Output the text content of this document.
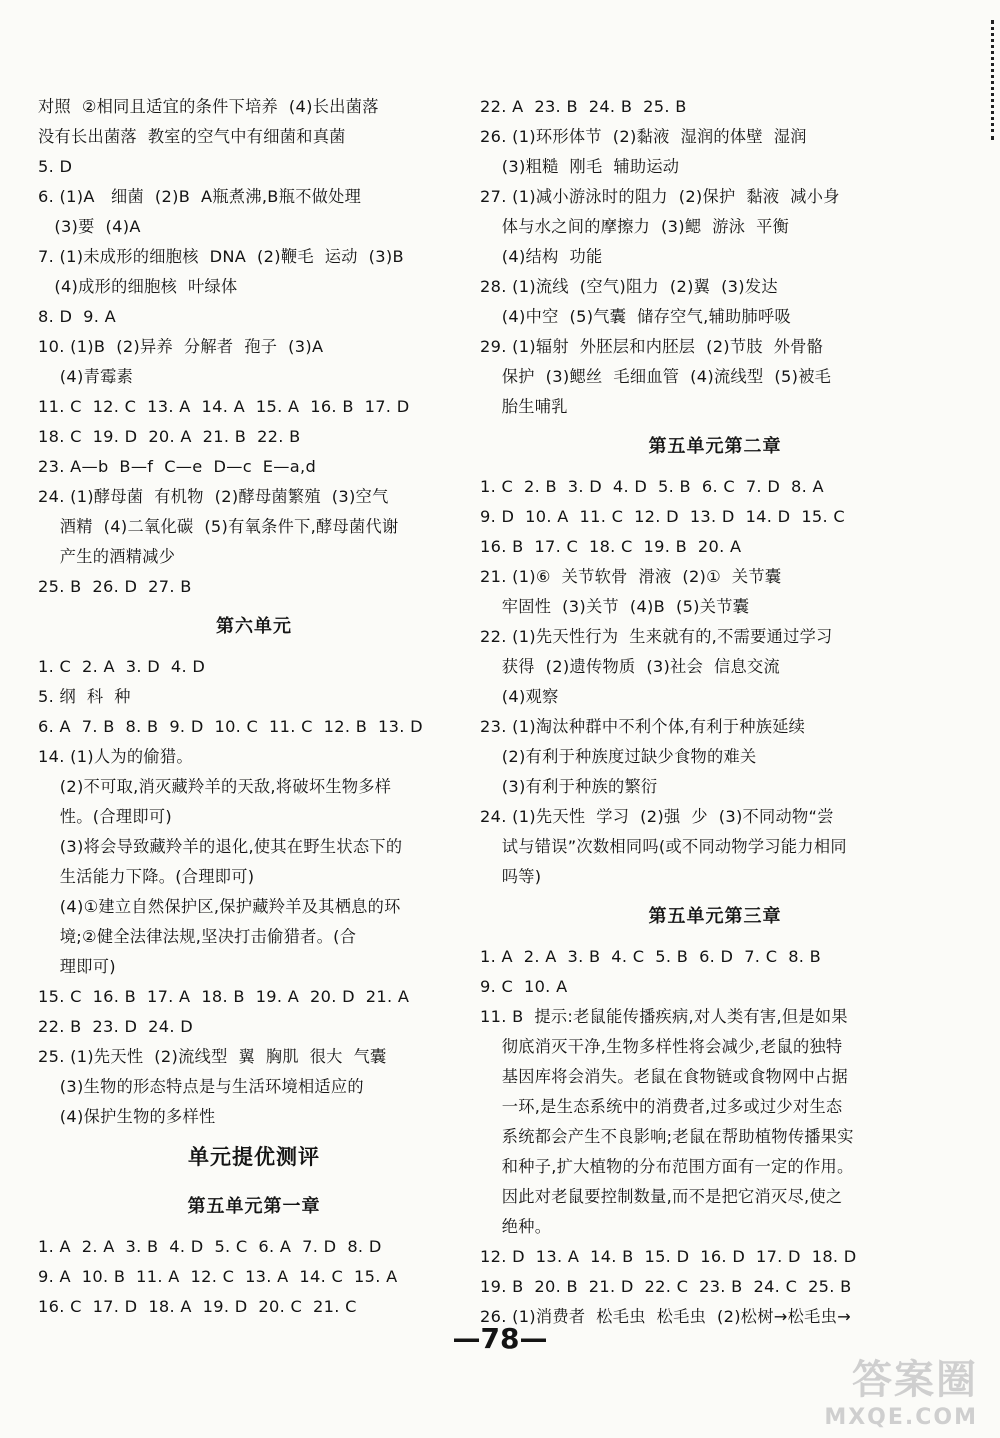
对照  ②相同且适宜的条件下培养  (4)长出菌落
没有长出菌落  教室的空气中有细菌和真菌
5. D
6. (1)A   细菌  (2)B  A瓶煮沸,B瓶不做处理
(3)要  (4)A
7. (1)未成形的细胞核  DNA  (2)鞭毛  运动  (3)B
(4)成形的细胞核  叶绿体
8. D  9. A
10. (1)B  (2)异养  分解者  孢子  (3)A
(4)青霉素
11. C  12. C  13. A  14. A  15. A  16. B  17. D
18. C  19. D  20. A  21. B  22. B
23. A—b  B—f  C—e  D—c  E—a,d
24. (1)酵母菌  有机物  (2)酵母菌繁殖  (3)空气
酒精  (4)二氧化碳  (5)有氧条件下,酵母菌代谢
产生的酒精减少
25. B  26. D  27. B
第六单元
1. C  2. A  3. D  4. D
5. 纲  科  种
6. A  7. B  8. B  9. D  10. C  11. C  12. B  13. D
14. (1)人为的偷猎。
(2)不可取,消灭藏羚羊的天敌,将破坏生物多样
性。(合理即可)
(3)将会导致藏羚羊的退化,使其在野生状态下的
生活能力下降。(合理即可)
(4)①建立自然保护区,保护藏羚羊及其栖息的环
境;②健全法律法规,坚决打击偷猎者。(合
理即可)
15. C  16. B  17. A  18. B  19. A  20. D  21. A
22. B  23. D  24. D
25. (1)先天性  (2)流线型  翼  胸肌  很大  气囊
(3)生物的形态特点是与生活环境相适应的
(4)保护生物的多样性
单元提优测评
第五单元第一章
1. A  2. A  3. B  4. D  5. C  6. A  7. D  8. D
9. A  10. B  11. A  12. C  13. A  14. C  15. A
16. C  17. D  18. A  19. D  20. C  21. C
22. A  23. B  24. B  25. B
26. (1)环形体节  (2)黏液  湿润的体壁  湿润
(3)粗糙  刚毛  辅助运动
27. (1)减小游泳时的阻力  (2)保护  黏液  减小身
体与水之间的摩擦力  (3)鳃  游泳  平衡
(4)结构  功能
28. (1)流线  (空气)阻力  (2)翼  (3)发达
(4)中空  (5)气囊  储存空气,辅助肺呼吸
29. (1)辐射  外胚层和内胚层  (2)节肢  外骨骼
保护  (3)鳃丝  毛细血管  (4)流线型  (5)被毛
胎生哺乳
第五单元第二章
1. C  2. B  3. D  4. D  5. B  6. C  7. D  8. A
9. D  10. A  11. C  12. D  13. D  14. D  15. C
16. B  17. C  18. C  19. B  20. A
21. (1)⑥  关节软骨  滑液  (2)①  关节囊
牢固性  (3)关节  (4)B  (5)关节囊
22. (1)先天性行为  生来就有的,不需要通过学习
获得  (2)遗传物质  (3)社会  信息交流
(4)观察
23. (1)淘汰种群中不利个体,有利于种族延续
(2)有利于种族度过缺少食物的难关
(3)有利于种族的繁衍
24. (1)先天性  学习  (2)强  少  (3)不同动物“尝
试与错误”次数相同吗(或不同动物学习能力相同
吗等)
第五单元第三章
1. A  2. A  3. B  4. C  5. B  6. D  7. C  8. B
9. C  10. A
11. B  提示:老鼠能传播疾病,对人类有害,但是如果
彻底消灭干净,生物多样性将会减少,老鼠的独特
基因库将会消失。老鼠在食物链或食物网中占据
一环,是生态系统中的消费者,过多或过少对生态
系统都会产生不良影响;老鼠在帮助植物传播果实
和种子,扩大植物的分布范围方面有一定的作用。
因此对老鼠要控制数量,而不是把它消灭尽,使之
绝种。
12. D  13. A  14. B  15. D  16. D  17. D  18. D
19. B  20. B  21. D  22. C  23. B  24. C  25. B
26. (1)消费者  松毛虫  松毛虫  (2)松树→松毛虫→
—78—
答案圈
MXQE.COM
